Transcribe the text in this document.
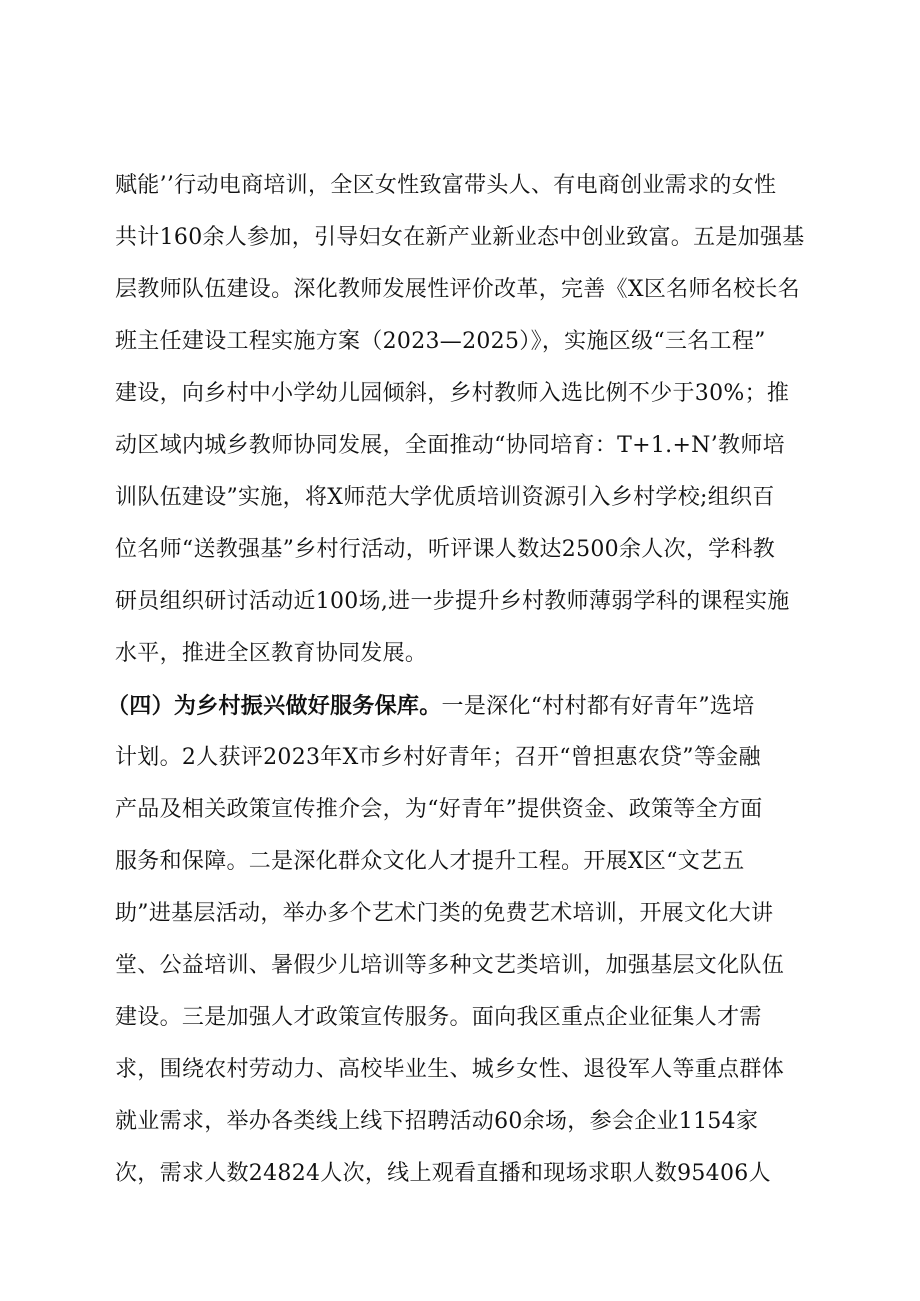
赋能’’行动电商培训，全区女性致富带头人、有电商创业需求的女性
共计160余人参加，引导妇女在新产业新业态中创业致富。五是加强基
层教师队伍建设。深化教师发展性评价改革，完善《X区名师名校长名
班主任建设工程实施方案（2023—2025）》，实施区级“三名工程”
建设，向乡村中小学幼儿园倾斜，乡村教师入选比例不少于30%；推
动区域内城乡教师协同发展，全面推动“协同培育：T+1.+N’教师培
训队伍建设”实施，将X师范大学优质培训资源引入乡村学校;组织百
位名师“送教强基”乡村行活动，听评课人数达2500余人次，学科教
研员组织研讨活动近100场,进一步提升乡村教师薄弱学科的课程实施
水平，推进全区教育协同发展。
（四）为乡村振兴做好服务保库。一是深化“村村都有好青年”选培
计划。2人获评2023年X市乡村好青年；召开“曾担惠农贷”等金融
产品及相关政策宣传推介会，为“好青年”提供资金、政策等全方面
服务和保障。二是深化群众文化人才提升工程。开展X区“文艺五
助”进基层活动，举办多个艺术门类的免费艺术培训，开展文化大讲
堂、公益培训、暑假少儿培训等多种文艺类培训，加强基层文化队伍
建设。三是加强人才政策宣传服务。面向我区重点企业征集人才需
求，围绕农村劳动力、高校毕业生、城乡女性、退役军人等重点群体
就业需求，举办各类线上线下招聘活动60余场，参会企业1154家
次，需求人数24824人次，线上观看直播和现场求职人数95406人
